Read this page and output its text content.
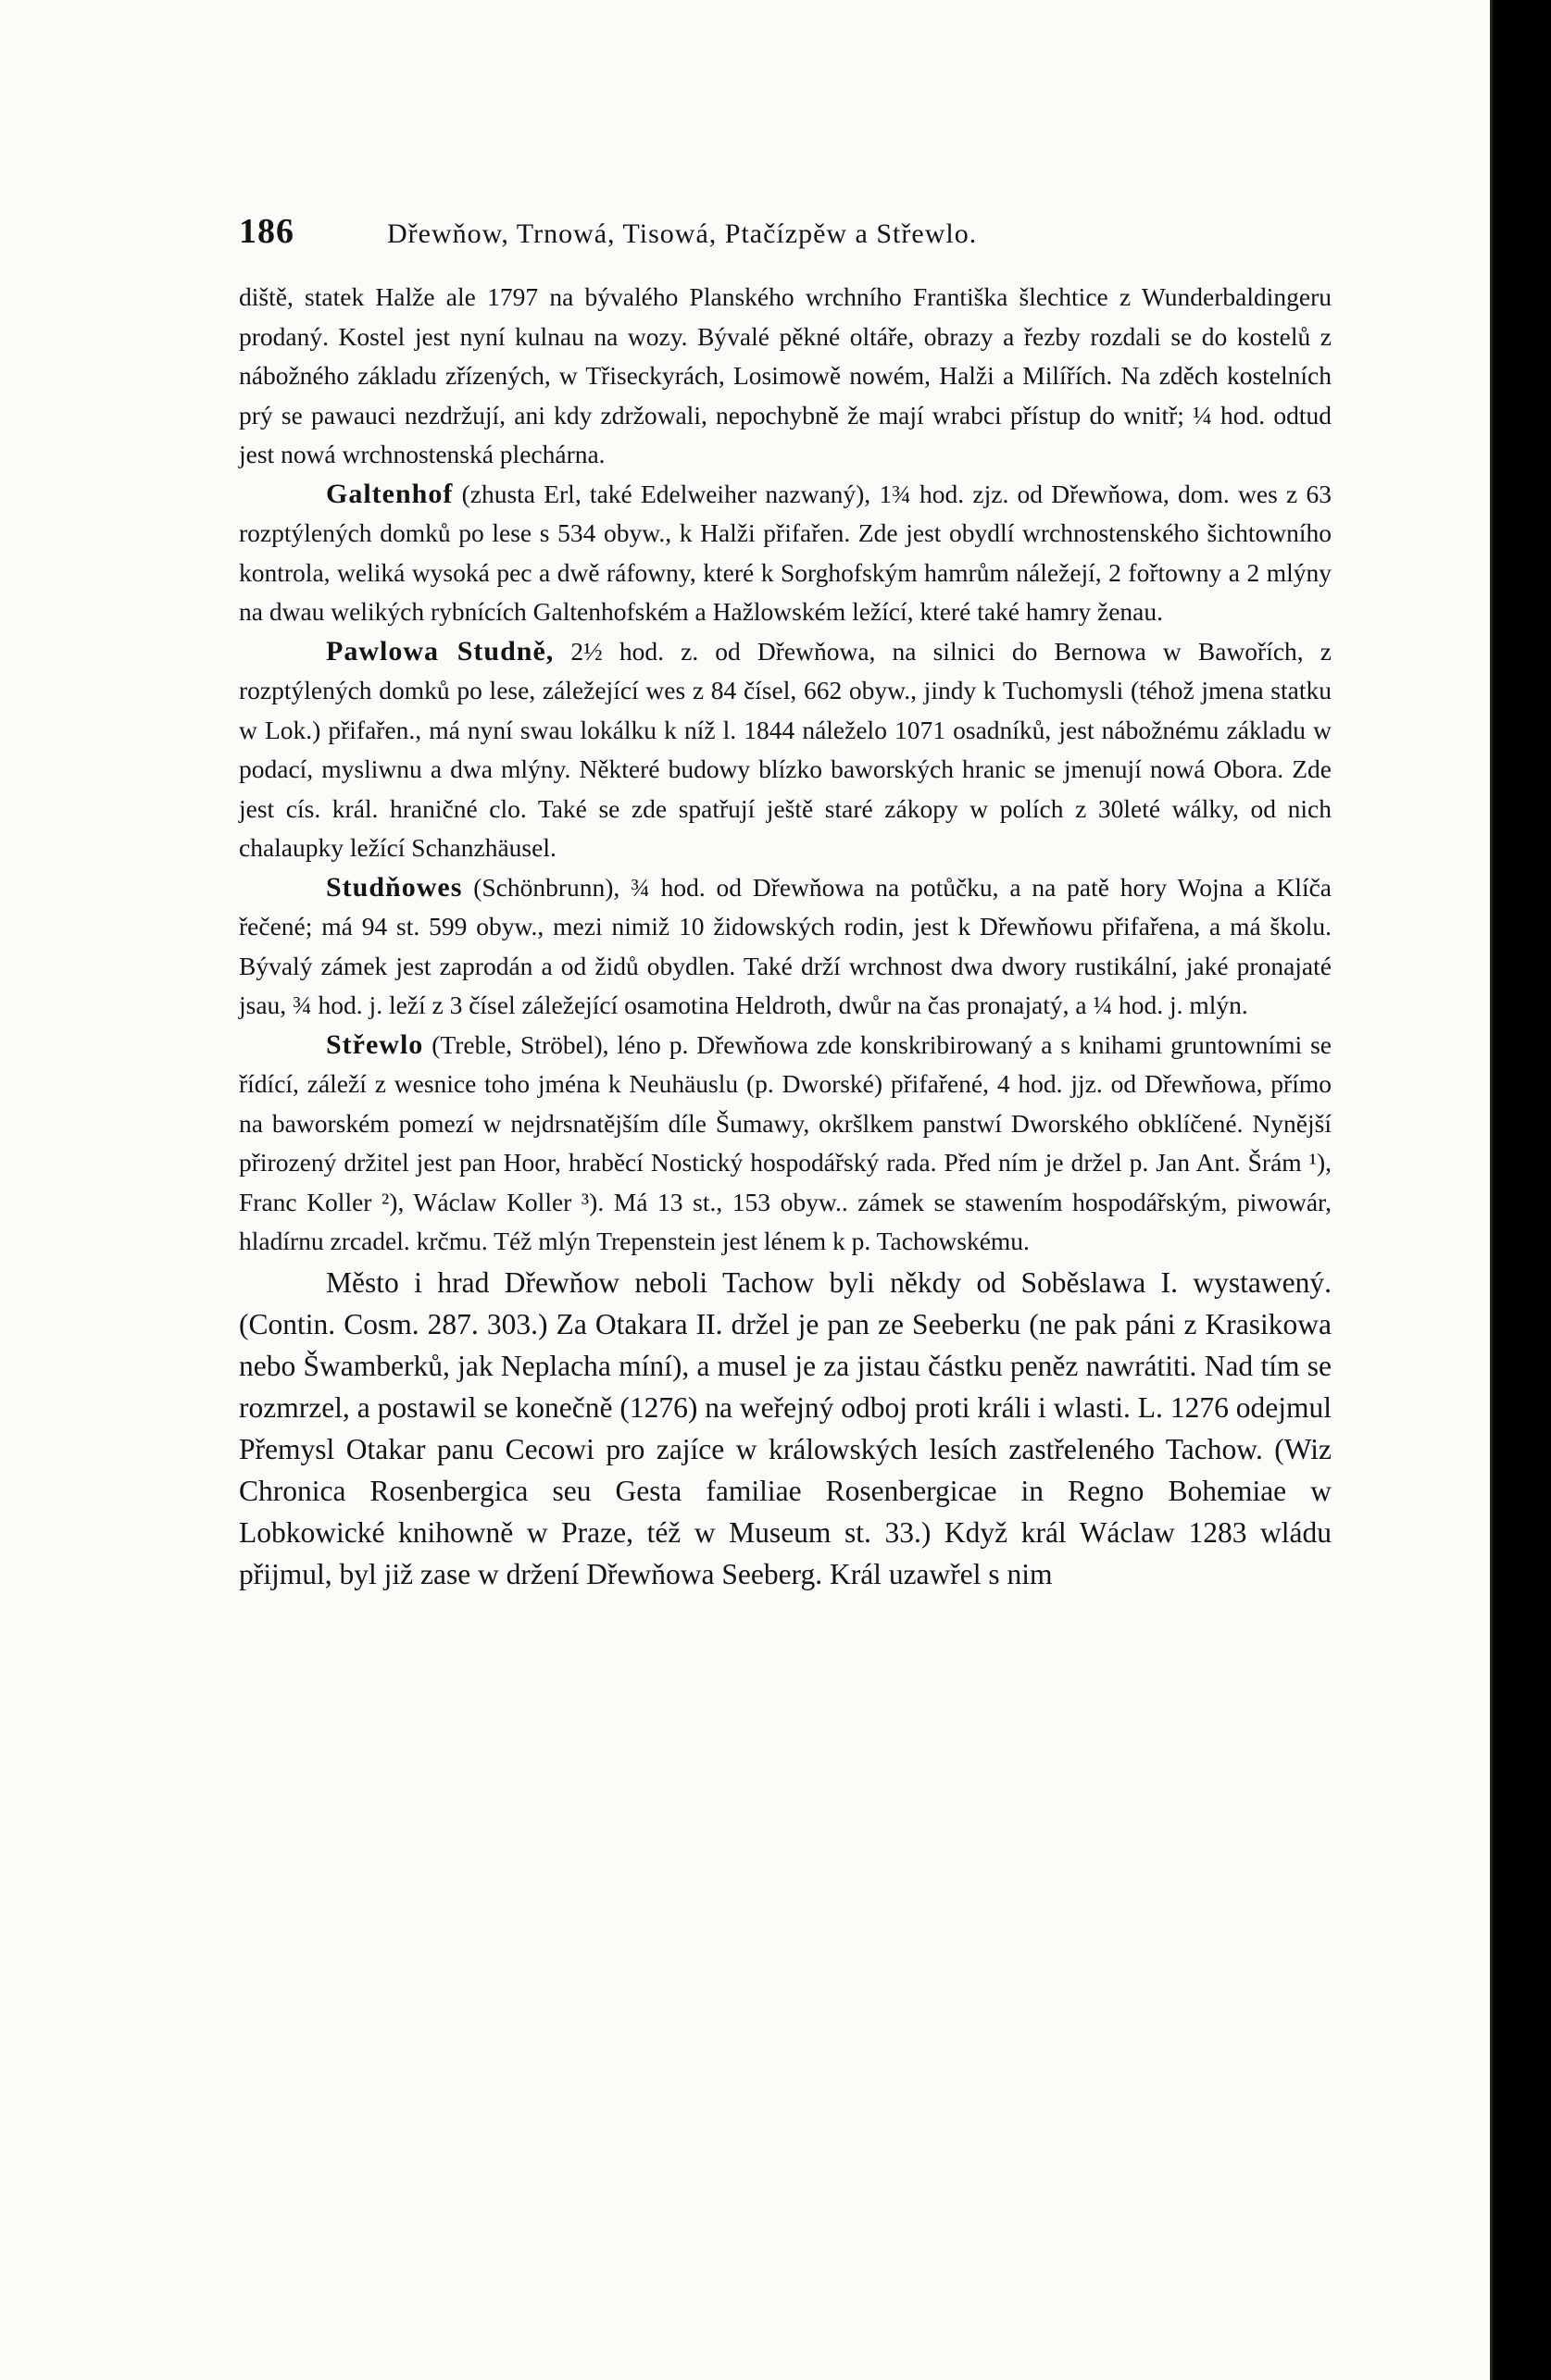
186	Dřewňow, Trnowá, Tisowá, Ptačízpěw a Střewlo.

diště, statek Halže ale 1797 na bývalého Planského wrchního Františka šlechtice z Wunderbaldingeru prodaný. Kostel jest nyní kulnau na wozy. Bývalé pěkné oltáře, obrazy a řezby rozdali se do kostelů z nábožného základu zřízených, w Třiseckyrách, Losimowě nowém, Halži a Milířích. Na zděch kostelních prý se pawauci nezdržují, ani kdy zdržowali, nepochybně že mají wrabci přístup do wnitř; ¼ hod. odtud jest nowá wrchnostenská plechárna.

Galtenhof (zhusta Erl, také Edelweiher nazwaný), 1¾ hod. zjz. od Dřewňowa, dom. wes z 63 rozptýlených domků po lese s 534 obyw., k Halži přifařen. Zde jest obydlí wrchnostenského šichtowního kontrola, weliká wysoká pec a dwě ráfowny, které k Sorghofským hamrům náležejí, 2 fořtowny a 2 mlýny na dwau welikých rybnících Galtenhofském a Hažlowském ležící, které také hamry ženau.

Pawlowa Studně, 2½ hod. z. od Dřewňowa, na silnici do Bernowa w Bawořích, z rozptýlených domků po lese, záležející wes z 84 čísel, 662 obyw., jindy k Tuchomysli (téhož jmena statku w Lok.) přifařen., má nyní swau lokálku k níž l. 1844 náleželo 1071 osadníků, jest nábožnému základu w podací, mysliwnu a dwa mlýny. Některé budowy blízko baworských hranic se jmenují nowá Obora. Zde jest cís. král. hraničné clo. Také se zde spatřují ještě staré zákopy w polích z 30leté wálky, od nich chalaupky ležící Schanzhäusel.

Studňowes (Schönbrunn), ¾ hod. od Dřewňowa na potůčku, a na patě hory Wojna a Klíča řečené; má 94 st. 599 obyw., mezi nimiž 10 židowských rodin, jest k Dřewňowu přifařena, a má školu. Bývalý zámek jest zaprodán a od židů obydlen. Také drží wrchnost dwa dwory rustikální, jaké pronajaté jsau, ¾ hod. j. leží z 3 čísel záležející osamotina Heldroth, dwůr na čas pronajatý, a ¼ hod. j. mlýn.

Střewlo (Treble, Ströbel), léno p. Dřewňowa zde konskribirowaný a s knihami gruntowními se řídící, záleží z wesnice toho jména k Neuhäuslu (p. Dworské) přifařené, 4 hod. jjz. od Dřewňowa, přímo na baworském pomezí w nejdrsnatějším díle Šumawy, okršlkem panstwí Dworského obklíčené. Nynější přirozený držitel jest pan Hoor, hraběcí Nostický hospodářský rada. Před ním je držel p. Jan Ant. Šrám ¹), Franc Koller ²), Wáclaw Koller ³). Má 13 st., 153 obyw.. zámek se stawením hospodářským, piwowár, hladírnu zrcadel. krčmu. Též mlýn Trepenstein jest lénem k p. Tachowskému.

Město i hrad Dřewňow neboli Tachow byli někdy od Soběslawa I. wystawený. (Contin. Cosm. 287. 303.) Za Otakara II. držel je pan ze Seeberku (ne pak páni z Krasikowa nebo Šwamberků, jak Neplacha míní), a musel je za jistau částku peněz nawrátiti. Nad tím se rozmrzel, a postawil se konečně (1276) na weřejný odboj proti králi i wlasti. L. 1276 odejmul Přemysl Otakar panu Cecowi pro zajíce w králowských lesích zastřeleného Tachow. (Wiz Chronica Rosenbergica seu Gesta familiae Rosenbergicae in Regno Bohemiae w Lobkowické knihowně w Praze, též w Museum st. 33.) Když král Wáclaw 1283 wládu přijmul, byl již zase w držení Dřewňowa Seeberg. Král uzawřel s nim
